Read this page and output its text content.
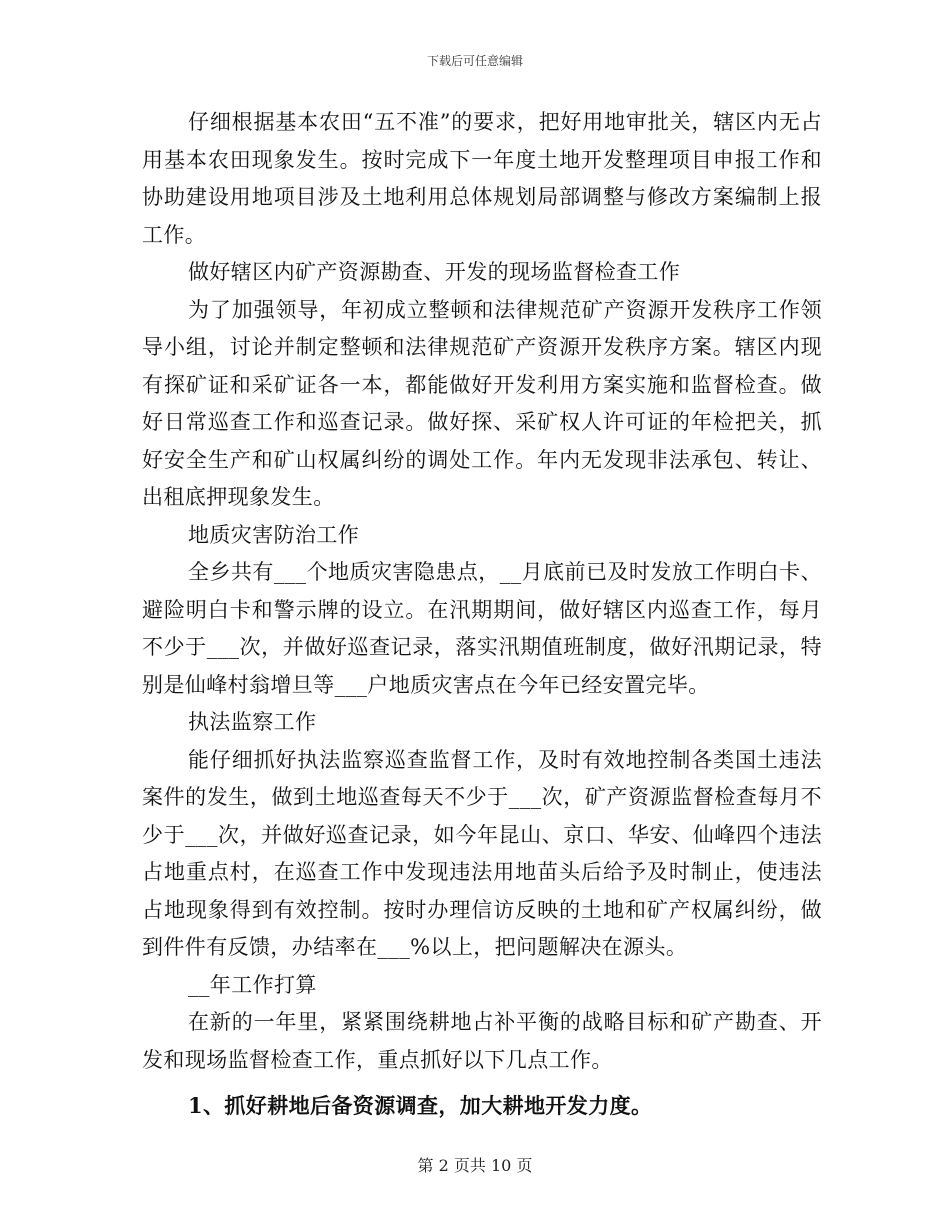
下载后可任意编辑

仔细根据基本农田“五不准”的要求，把好用地审批关，辖区内无占用基本农田现象发生。按时完成下一年度土地开发整理项目申报工作和协助建设用地项目涉及土地利用总体规划局部调整与修改方案编制上报工作。

做好辖区内矿产资源勘查、开发的现场监督检查工作

为了加强领导，年初成立整顿和法律规范矿产资源开发秩序工作领导小组，讨论并制定整顿和法律规范矿产资源开发秩序方案。辖区内现有探矿证和采矿证各一本，都能做好开发利用方案实施和监督检查。做好日常巡查工作和巡查记录。做好探、采矿权人许可证的年检把关，抓好安全生产和矿山权属纠纷的调处工作。年内无发现非法承包、转让、出租底押现象发生。

地质灾害防治工作

全乡共有___个地质灾害隐患点，__月底前已及时发放工作明白卡、避险明白卡和警示牌的设立。在汛期期间，做好辖区内巡查工作，每月不少于___次，并做好巡查记录，落实汛期值班制度，做好汛期记录，特别是仙峰村翁增旦等___户地质灾害点在今年已经安置完毕。

执法监察工作

能仔细抓好执法监察巡查监督工作，及时有效地控制各类国土违法案件的发生，做到土地巡查每天不少于___次，矿产资源监督检查每月不少于___次，并做好巡查记录，如今年昆山、京口、华安、仙峰四个违法占地重点村，在巡查工作中发现违法用地苗头后给予及时制止，使违法占地现象得到有效控制。按时办理信访反映的土地和矿产权属纠纷，做到件件有反馈，办结率在___%以上，把问题解决在源头。

__年工作打算

在新的一年里，紧紧围绕耕地占补平衡的战略目标和矿产勘查、开发和现场监督检查工作，重点抓好以下几点工作。

1、抓好耕地后备资源调查，加大耕地开发力度。

第 2 页共 10 页
